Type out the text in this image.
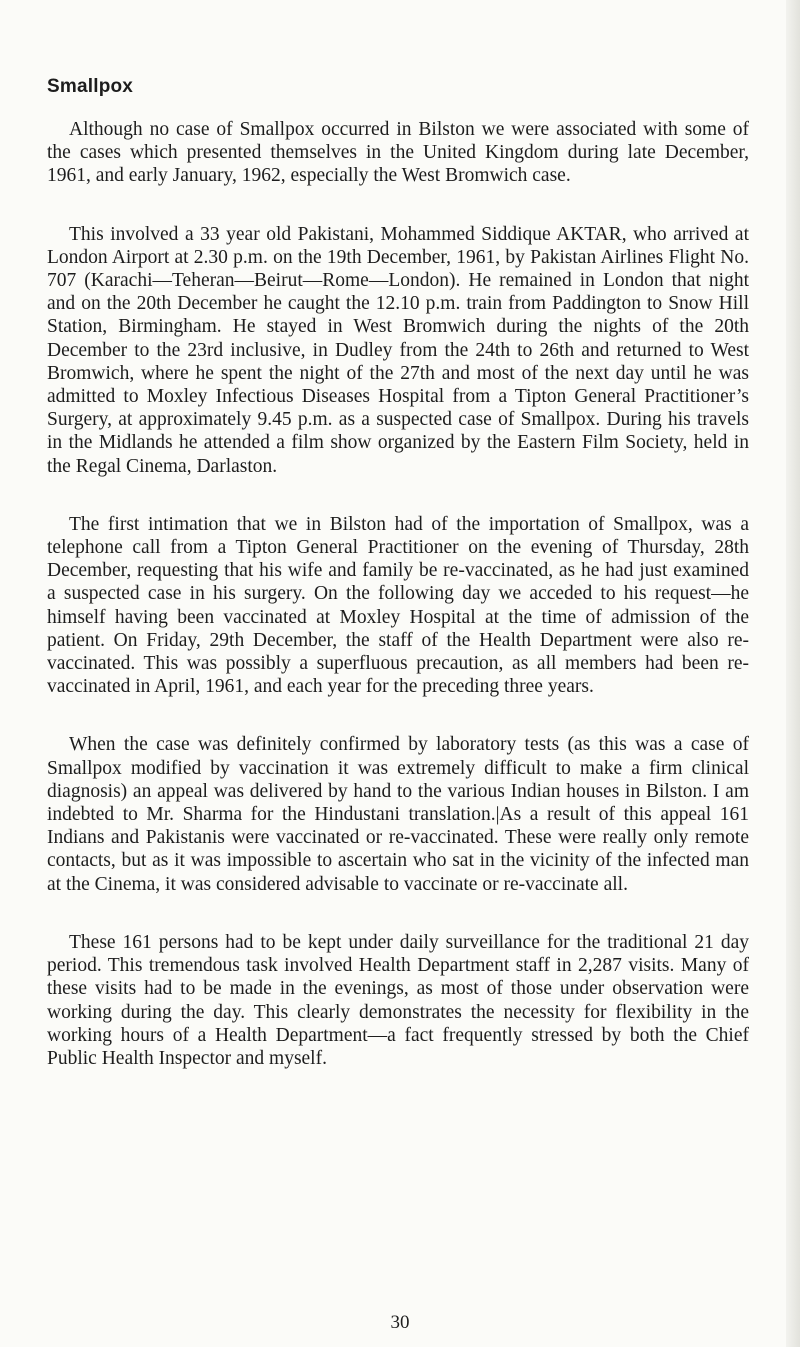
Smallpox

Although no case of Smallpox occurred in Bilston we were associated with some of the cases which presented themselves in the United Kingdom during late December, 1961, and early January, 1962, especially the West Bromwich case.

This involved a 33 year old Pakistani, Mohammed Siddique AKTAR, who arrived at London Airport at 2.30 p.m. on the 19th December, 1961, by Pakistan Airlines Flight No. 707 (Karachi—Teheran—Beirut—Rome—London). He remained in London that night and on the 20th December he caught the 12.10 p.m. train from Paddington to Snow Hill Station, Birmingham. He stayed in West Bromwich during the nights of the 20th December to the 23rd inclusive, in Dudley from the 24th to 26th and returned to West Bromwich, where he spent the night of the 27th and most of the next day until he was admitted to Moxley Infectious Diseases Hospital from a Tipton General Practitioner’s Surgery, at approximately 9.45 p.m. as a suspected case of Smallpox. During his travels in the Midlands he attended a film show organized by the Eastern Film Society, held in the Regal Cinema, Darlaston.

The first intimation that we in Bilston had of the importation of Smallpox, was a telephone call from a Tipton General Practitioner on the evening of Thursday, 28th December, requesting that his wife and family be re-vaccinated, as he had just examined a suspected case in his surgery. On the following day we acceded to his request—he himself having been vaccinated at Moxley Hospital at the time of admission of the patient. On Friday, 29th December, the staff of the Health Department were also re-vaccinated. This was possibly a superfluous precaution, as all members had been re-vaccinated in April, 1961, and each year for the preceding three years.

When the case was definitely confirmed by laboratory tests (as this was a case of Smallpox modified by vaccination it was extremely difficult to make a firm clinical diagnosis) an appeal was delivered by hand to the various Indian houses in Bilston. I am indebted to Mr. Sharma for the Hindustani translation.|As a result of this appeal 161 Indians and Pakistanis were vaccinated or re-vaccinated. These were really only remote contacts, but as it was impossible to ascertain who sat in the vicinity of the infected man at the Cinema, it was considered advisable to vaccinate or re-vaccinate all.

These 161 persons had to be kept under daily surveillance for the traditional 21 day period. This tremendous task involved Health Department staff in 2,287 visits. Many of these visits had to be made in the evenings, as most of those under observation were working during the day. This clearly demonstrates the necessity for flexibility in the working hours of a Health Department—a fact frequently stressed by both the Chief Public Health Inspector and myself.

30
